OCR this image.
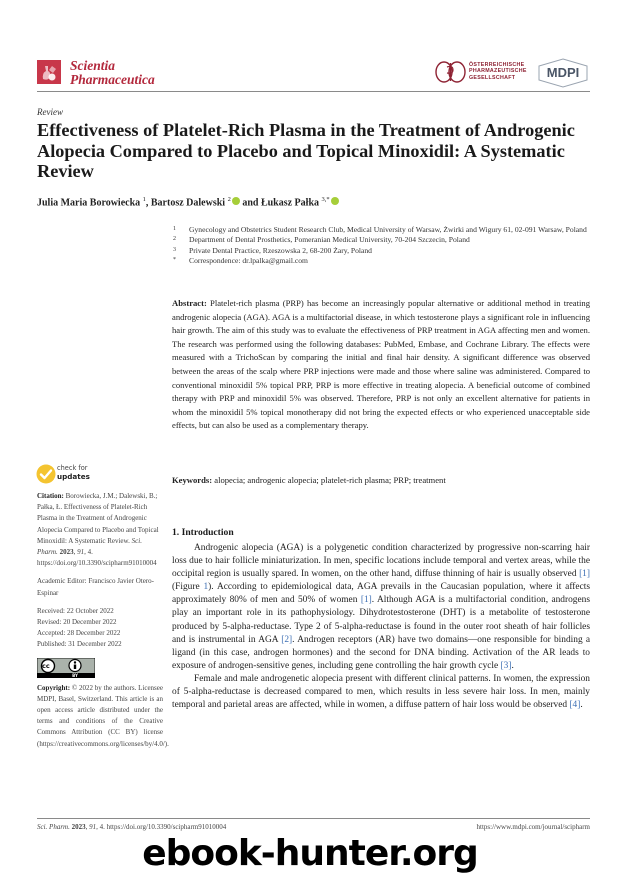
Scientia
Pharmaceutica
ÖSTERREICHISCHE
PHARMAZEUTISCHE
GESELLSCHAFT	MDPI
Review
Effectiveness of Platelet-Rich Plasma in the Treatment of Androgenic Alopecia Compared to Placebo and Topical Minoxidil: A Systematic Review
Julia Maria Borowiecka $^1$, Bartosz Dalewski $^2$ and Łukasz Pałka $^{3,*}$
1 Gynecology and Obstetrics Student Research Club, Medical University of Warsaw, Żwirki and Wigury 61, 02-091 Warsaw, Poland
2 Department of Dental Prosthetics, Pomeranian Medical University, 70-204 Szczecin, Poland
3 Private Dental Practice, Rzeszowska 2, 68-200 Żary, Poland
* Correspondence: dr.lpalka@gmail.com
Abstract: Platelet-rich plasma (PRP) has become an increasingly popular alternative or additional method in treating androgenic alopecia (AGA). AGA is a multifactorial disease, in which testosterone plays a significant role in influencing hair growth. The aim of this study was to evaluate the effectiveness of PRP treatment in AGA affecting men and women. The research was performed using the following databases: PubMed, Embase, and Cochrane Library. The effects were measured with a TrichoScan by comparing the initial and final hair density. A significant difference was observed between the areas of the scalp where PRP injections were made and those where saline was administered. Compared to conventional minoxidil 5% topical PRP, PRP is more effective in treating alopecia. A beneficial outcome of combined therapy with PRP and minoxidil 5% was observed. Therefore, PRP is not only an excellent alternative for patients in whom the minoxidil 5% topical monotherapy did not bring the expected effects or who experienced unacceptable side effects, but can also be used as a complementary therapy.
Keywords: alopecia; androgenic alopecia; platelet-rich plasma; PRP; treatment
1. Introduction

Androgenic alopecia (AGA) is a polygenetic condition characterized by progressive non-scarring hair loss due to hair follicle miniaturization. In men, specific locations include temporal and vertex areas, while the occipital region is usually spared. In women, on the other hand, diffuse thinning of hair is usually observed [1] (Figure 1). According to epidemiological data, AGA prevails in the Caucasian population, where it affects approximately 80% of men and 50% of women [1]. Although AGA is a multifactorial condition, androgens play an important role in its pathophysiology. Dihydrotestosterone (DHT) is a metabolite of testosterone produced by 5-alpha-reductase. Type 2 of 5-alpha-reductase is found in the outer root sheath of hair follicles and is instrumental in AGA [2]. Androgen receptors (AR) have two domains—one responsible for binding a ligand (in this case, androgen hormones) and the second for DNA binding. Activation of the AR leads to exposure of androgen-sensitive genes, including gene controlling the hair growth cycle [3].

Female and male androgenetic alopecia present with different clinical patterns. In women, the expression of 5-alpha-reductase is decreased compared to men, which results in less severe hair loss. In men, mainly temporal and parietal areas are affected, while in women, a diffuse pattern of hair loss would be observed [4].

check for
updates
Citation: Borowiecka, J.M.; Dalewski, B.; Pałka, Ł. Effectiveness of Platelet-Rich Plasma in the Treatment of Androgenic Alopecia Compared to Placebo and Topical Minoxidil: A Systematic Review. Sci. Pharm. 2023, 91, 4. https://doi.org/10.3390/scipharm91010004
Academic Editor: Francisco Javier Otero-Espinar
Received: 22 October 2022
Revised: 20 December 2022
Accepted: 28 December 2022
Published: 31 December 2022
cc
BY
Copyright: © 2022 by the authors. Licensee MDPI, Basel, Switzerland. This article is an open access article distributed under the terms and conditions of the Creative Commons Attribution (CC BY) license (https://creativecommons.org/licenses/by/4.0/).
Sci. Pharm. 2023, 91, 4. https://doi.org/10.3390/scipharm91010004	https://www.mdpi.com/journal/scipharm
ebook-hunter.org
